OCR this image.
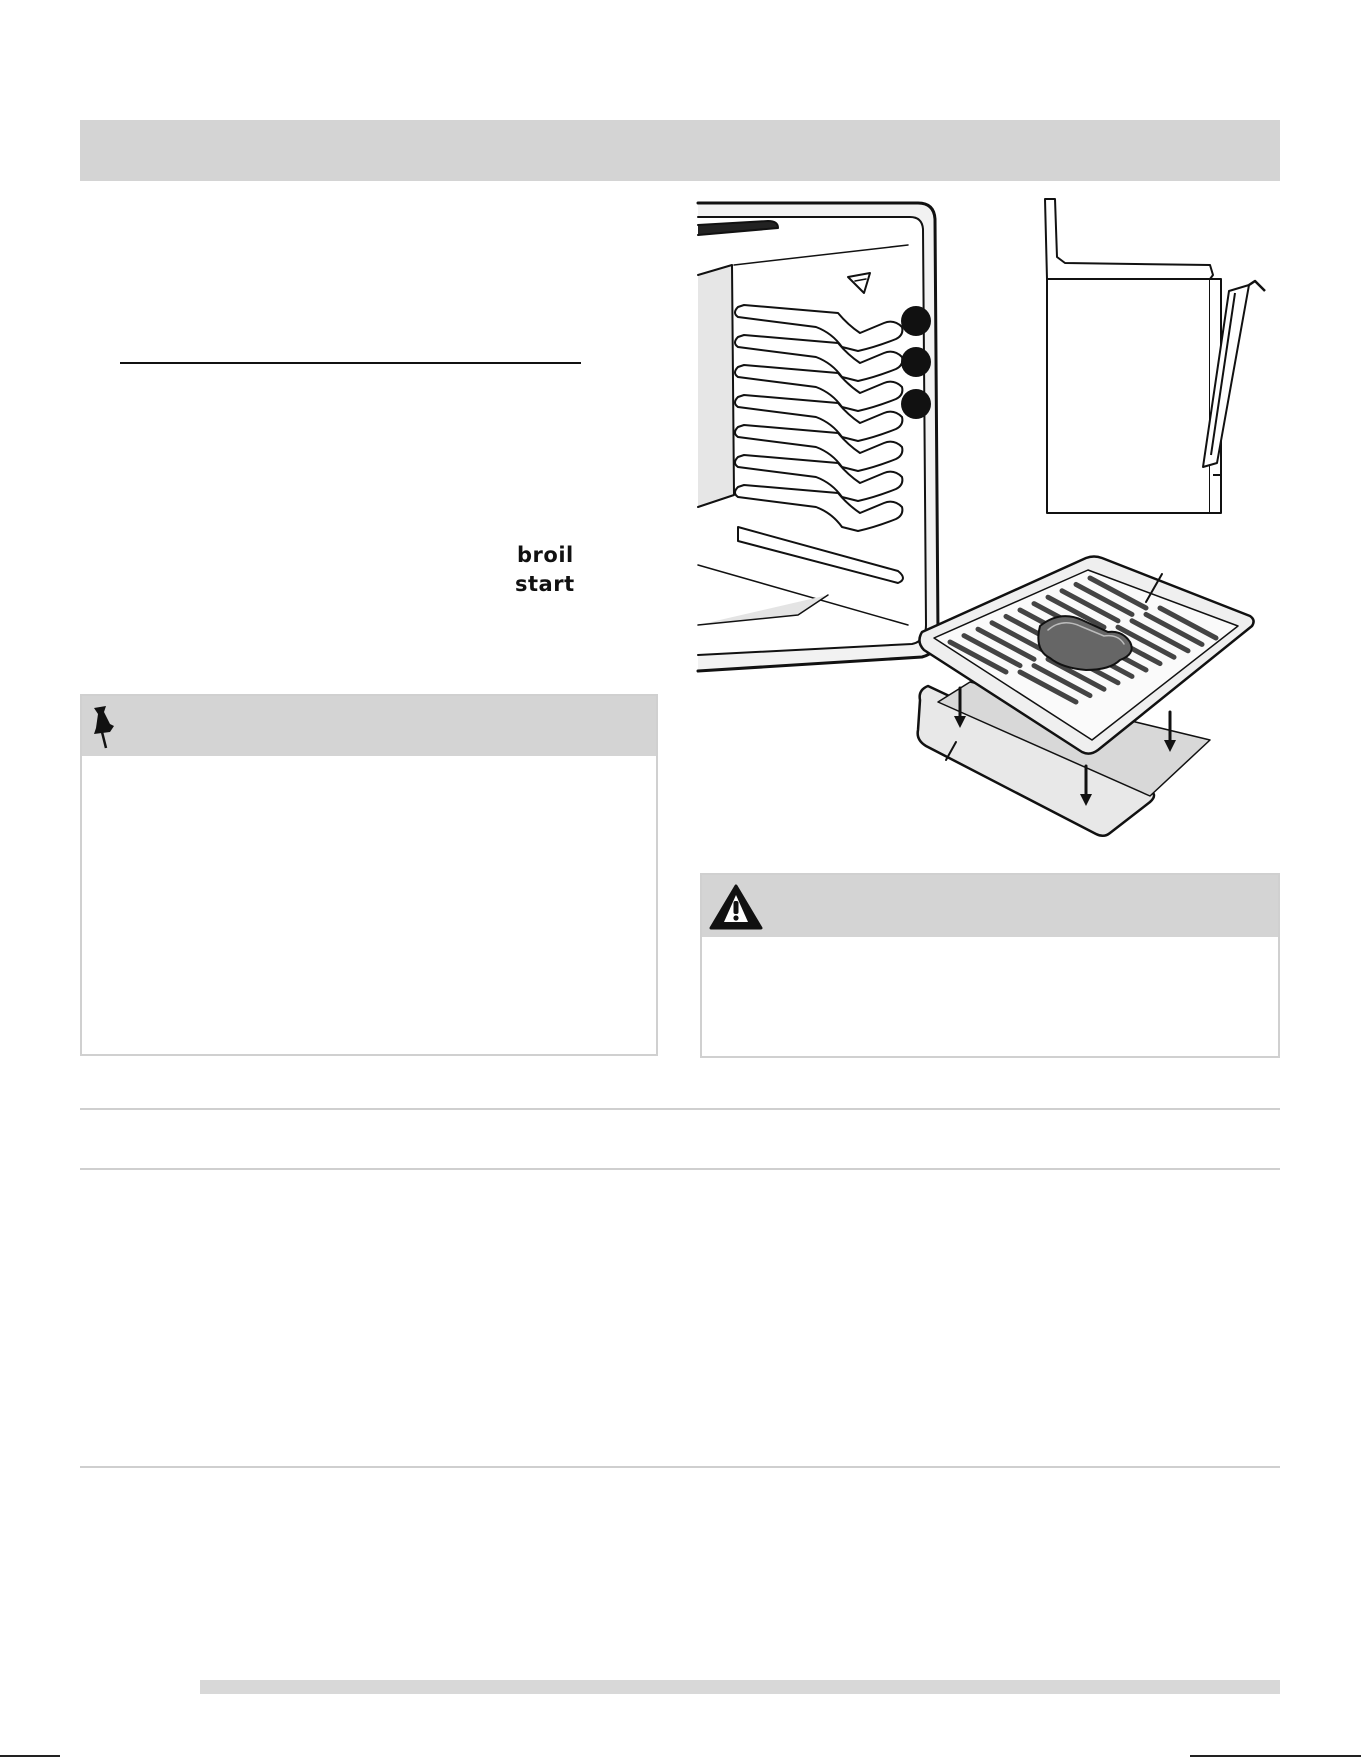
broil
start
